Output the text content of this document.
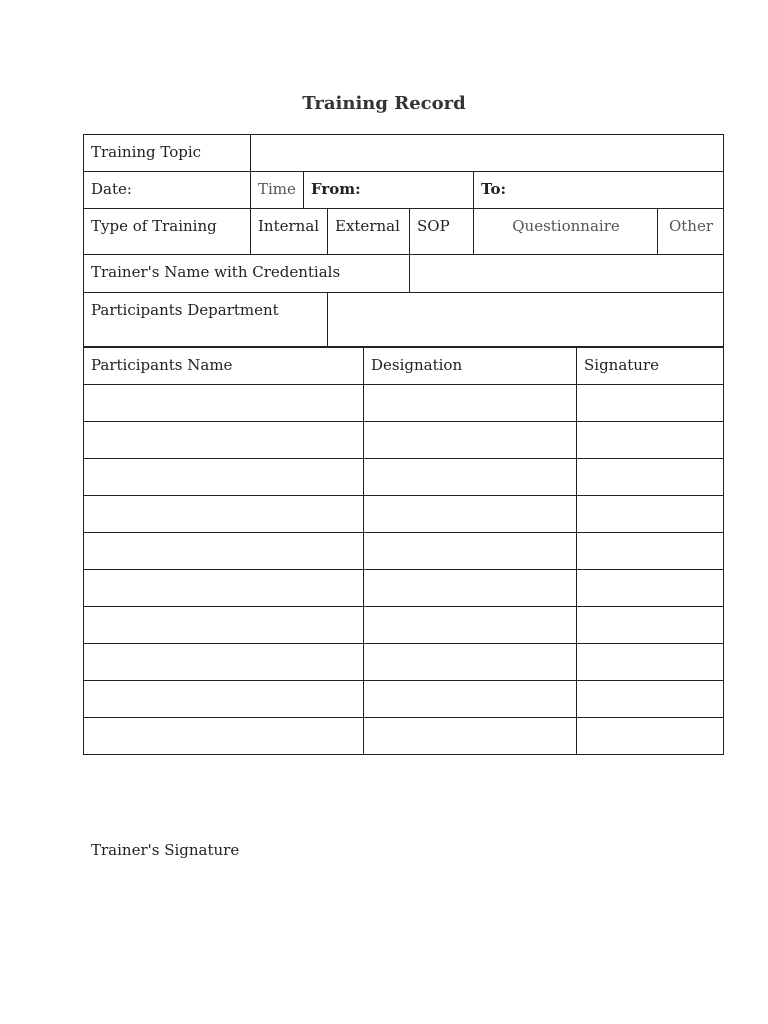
Training Record
Training Topic						

Date:	Time	From:			To:	

Type of Training	Internal		External	SOP	Questionnaire	Other

Trainer's Name with Credentials						

Participants Department						

Participants Name	Designation	Signature

Trainer's Signature
